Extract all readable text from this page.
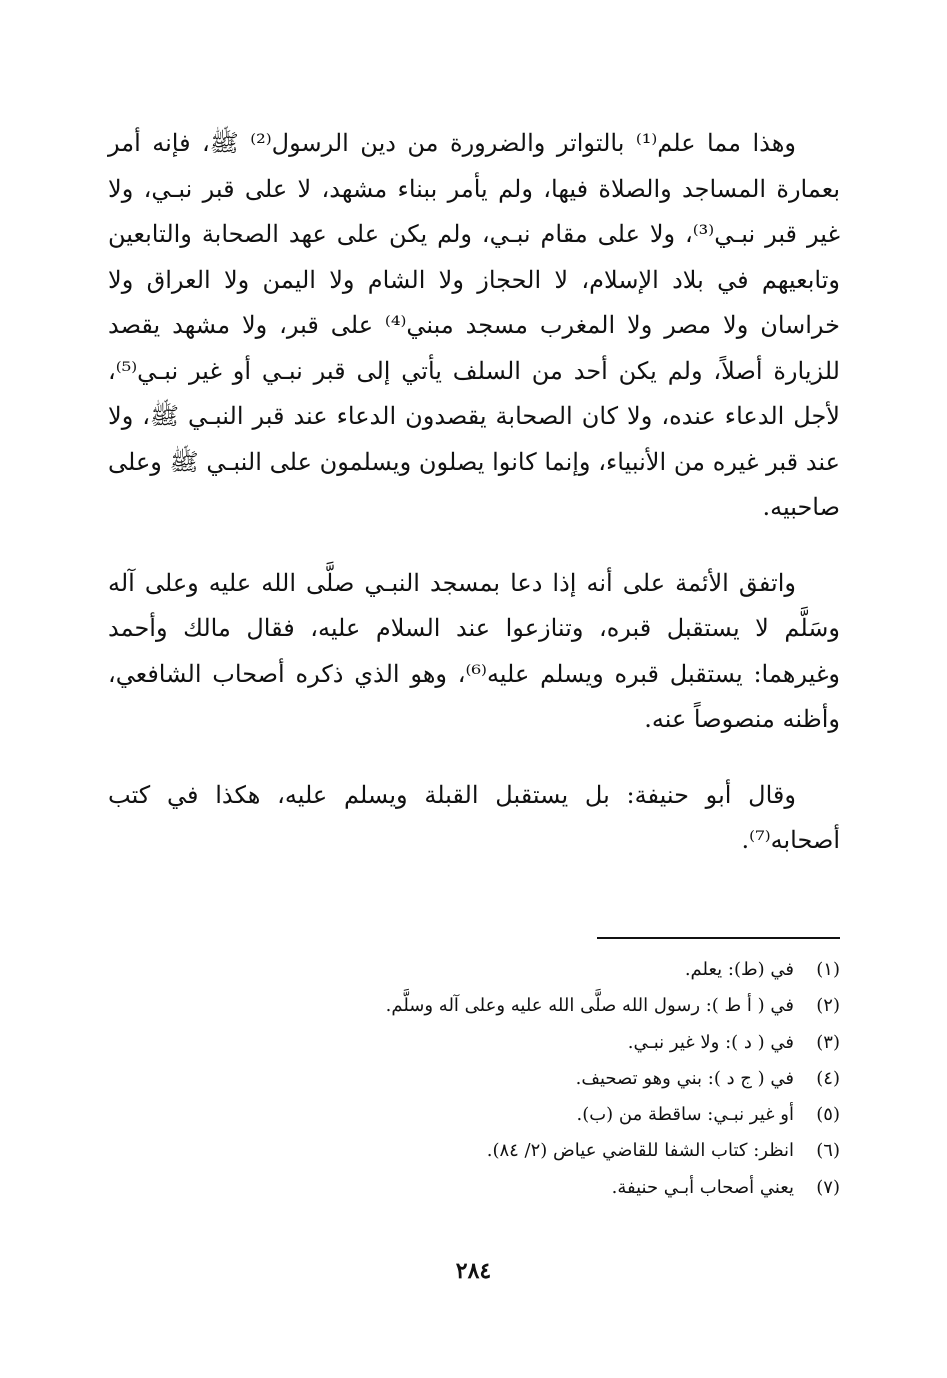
وهذا مما علم⁽¹⁾ بالتواتر والضرورة من دين الرسول⁽²⁾ ﷺ، فإنه أمر بعمارة المساجد والصلاة فيها، ولم يأمر ببناء مشهد، لا على قبر نبـي، ولا غير قبر نبـي⁽³⁾، ولا على مقام نبـي، ولم يكن على عهد الصحابة والتابعين وتابعيهم في بلاد الإسلام، لا الحجاز ولا الشام ولا اليمن ولا العراق ولا خراسان ولا مصر ولا المغرب مسجد مبني⁽⁴⁾ على قبر، ولا مشهد يقصد للزيارة أصلاً، ولم يكن أحد من السلف يأتي إلى قبر نبـي أو غير نبـي⁽⁵⁾، لأجل الدعاء عنده، ولا كان الصحابة يقصدون الدعاء عند قبر النبـي ﷺ، ولا عند قبر غيره من الأنبياء، وإنما كانوا يصلون ويسلمون على النبـي ﷺ وعلى صاحبيه.

واتفق الأئمة على أنه إذا دعا بمسجد النبـي صلَّى الله عليه وعلى آله وسَلَّم لا يستقبل قبره، وتنازعوا عند السلام عليه، فقال مالك وأحمد وغيرهما: يستقبل قبره ويسلم عليه⁽⁶⁾، وهو الذي ذكره أصحاب الشافعي، وأظنه منصوصاً عنه.

وقال أبو حنيفة: بل يستقبل القبلة ويسلم عليه، هكذا في كتب أصحابه⁽⁷⁾.

(١)في (ط): يعلم.
(٢)في ( أ ط ): رسول الله صلَّى الله عليه وعلى آله وسلَّم.
(٣)في ( د ): ولا غير نبـي.
(٤)في ( ج د ): بني وهو تصحيف.
(٥)أو غير نبـي: ساقطة من (ب).
(٦)انظر: كتاب الشفا للقاضي عياض (٢/ ٨٤).
(٧)يعني أصحاب أبـي حنيفة.
٢٨٤
